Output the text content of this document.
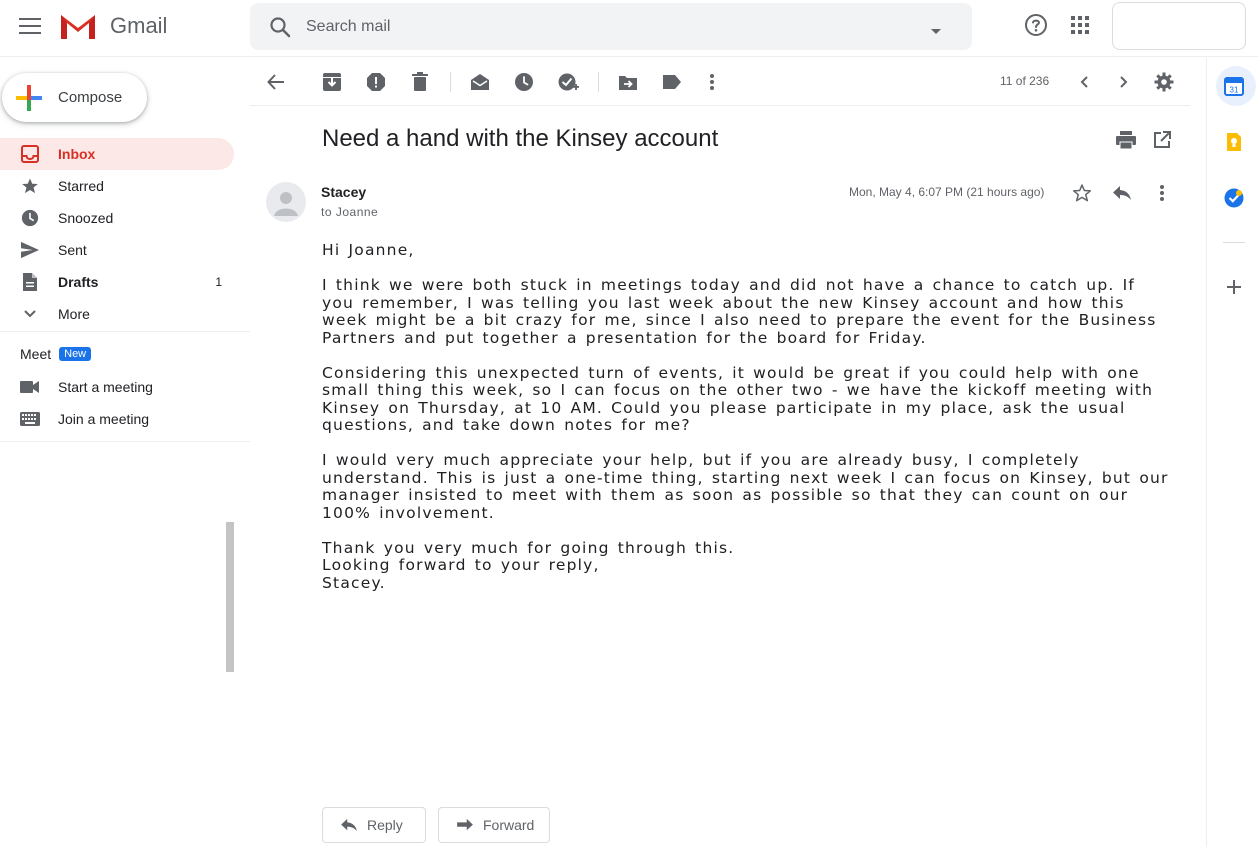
Gmail
Search mail
Compose
Inbox
Starred
Snoozed
Sent
Drafts	1
More
Meet	New
Start a meeting
Join a meeting
11 of 236
Need a hand with the Kinsey account
Stacey
to Joanne
Mon, May 4, 6:07 PM (21 hours ago)

Hi Joanne,

I think we were both stuck in meetings today and did not have a chance to catch up. If you remember, I was telling you last week about the new Kinsey account and how this week might be a bit crazy for me, since I also need to prepare the event for the Business Partners and put together a presentation for the board for Friday.

Considering this unexpected turn of events, it would be great if you could help with one small thing this week, so I can focus on the other two - we have the kickoff meeting with Kinsey on Thursday, at 10 AM. Could you please participate in my place, ask the usual questions, and take down notes for me?

I would very much appreciate your help, but if you are already busy, I completely understand. This is just a one-time thing, starting next week I can focus on Kinsey, but our manager insisted to meet with them as soon as possible so that they can count on our 100% involvement.

Thank you very much for going through this.
Looking forward to your reply,
Stacey.

Reply	Forward
31
